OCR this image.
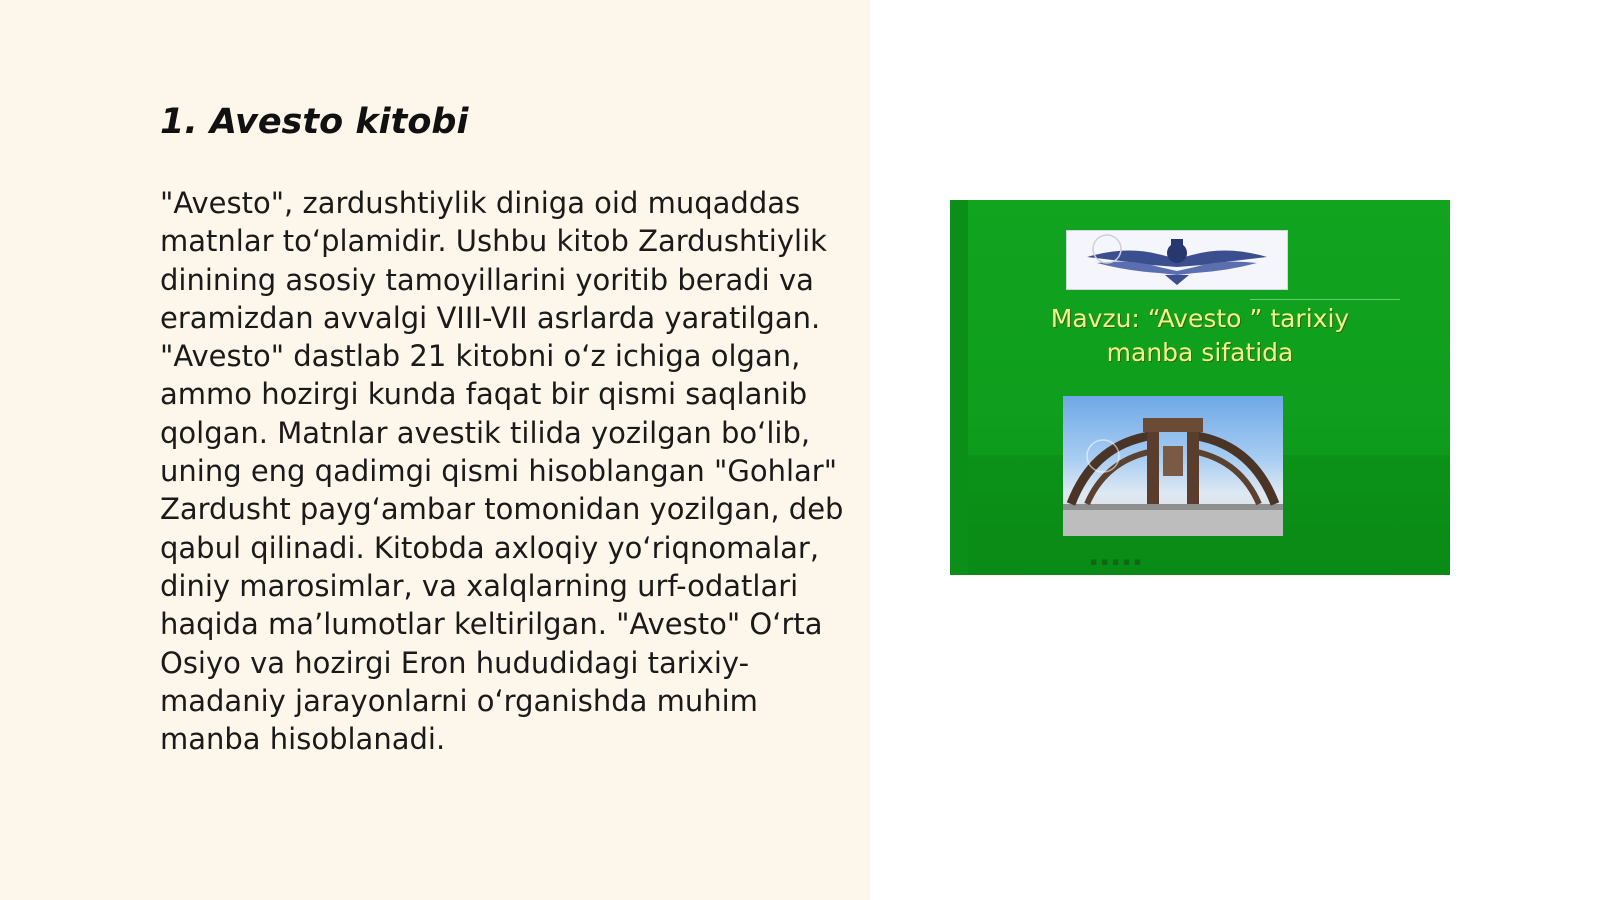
1. Avesto kitobi

"Avesto", zardushtiylik diniga oid muqaddas matnlar to‘plamidir. Ushbu kitob Zardushtiylik dinining asosiy tamoyillarini yoritib beradi va eramizdan avvalgi VIII-VII asrlarda yaratilgan. "Avesto" dastlab 21 kitobni o‘z ichiga olgan, ammo hozirgi kunda faqat bir qismi saqlanib qolgan. Matnlar avestik tilida yozilgan bo‘lib, uning eng qadimgi qismi hisoblangan "Gohlar" Zardusht payg‘ambar tomonidan yozilgan, deb qabul qilinadi. Kitobda axloqiy yo‘riqnomalar, diniy marosimlar, va xalqlarning urf-odatlari haqida ma’lumotlar keltirilgan. "Avesto" O‘rta Osiyo va hozirgi Eron hududidagi tarixiy-madaniy jarayonlarni o‘rganishda muhim manba hisoblanadi.

Mavzu: “Avesto ” tarixiy
manba sifatida
▪ ▪ ▪ ▪ ▪
